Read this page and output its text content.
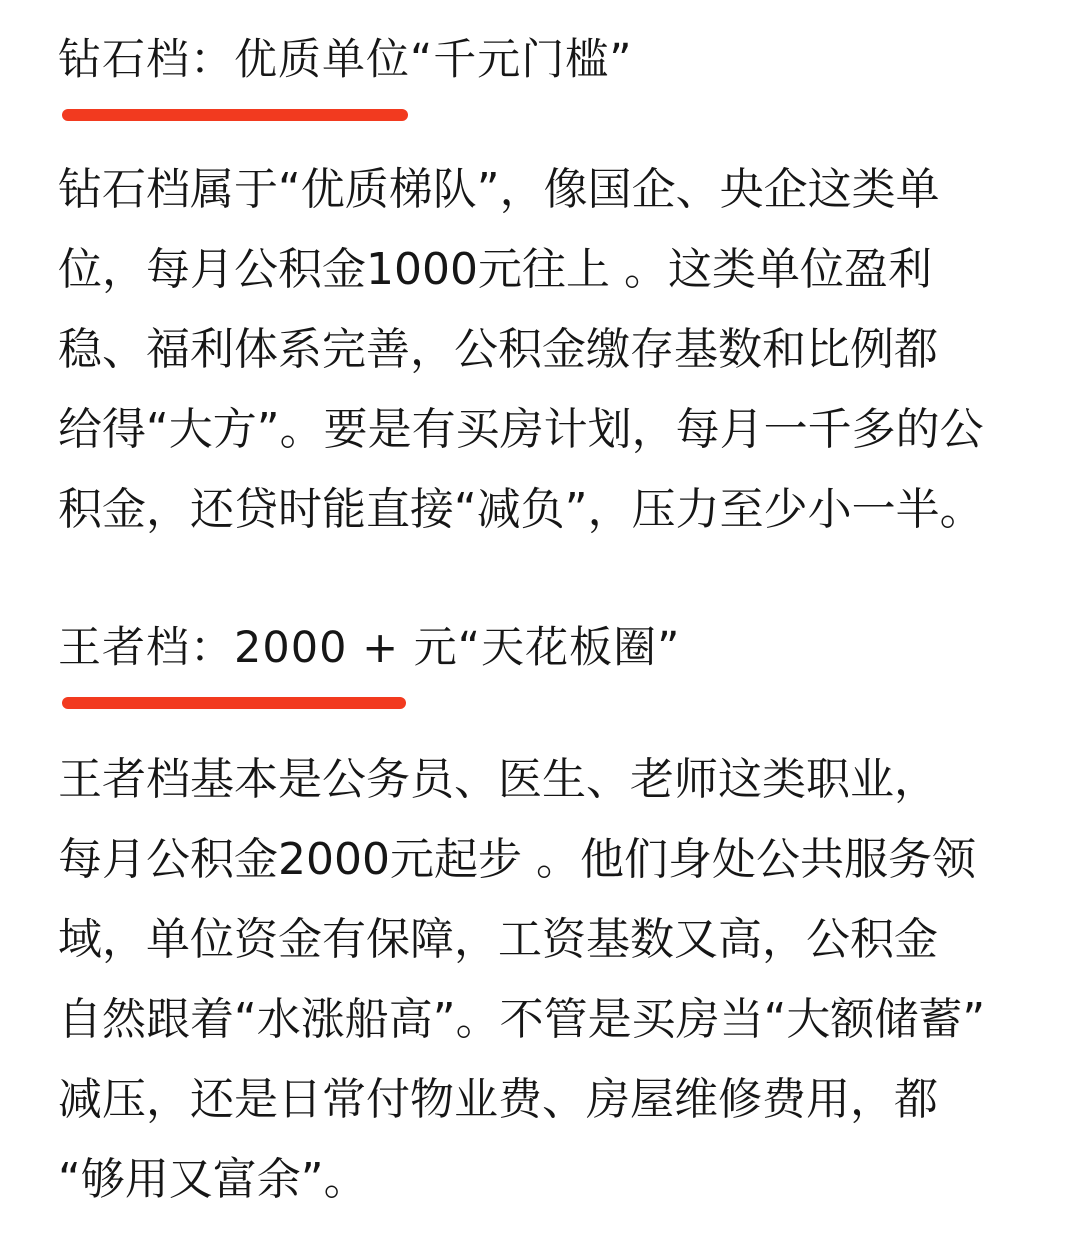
钻石档：优质单位“千元门槛”
钻石档属于“优质梯队”，像国企、央企这类单
位，每月公积金1000元往上 。这类单位盈利
稳、福利体系完善，公积金缴存基数和比例都
给得“大方”。要是有买房计划，每月一千多的公
积金，还贷时能直接“减负”，压力至少小一半。
王者档：2000 + 元“天花板圈”
王者档基本是公务员、医生、老师这类职业，
每月公积金2000元起步 。他们身处公共服务领
域，单位资金有保障，工资基数又高，公积金
自然跟着“水涨船高”。不管是买房当“大额储蓄”
减压，还是日常付物业费、房屋维修费用，都
“够用又富余”。
